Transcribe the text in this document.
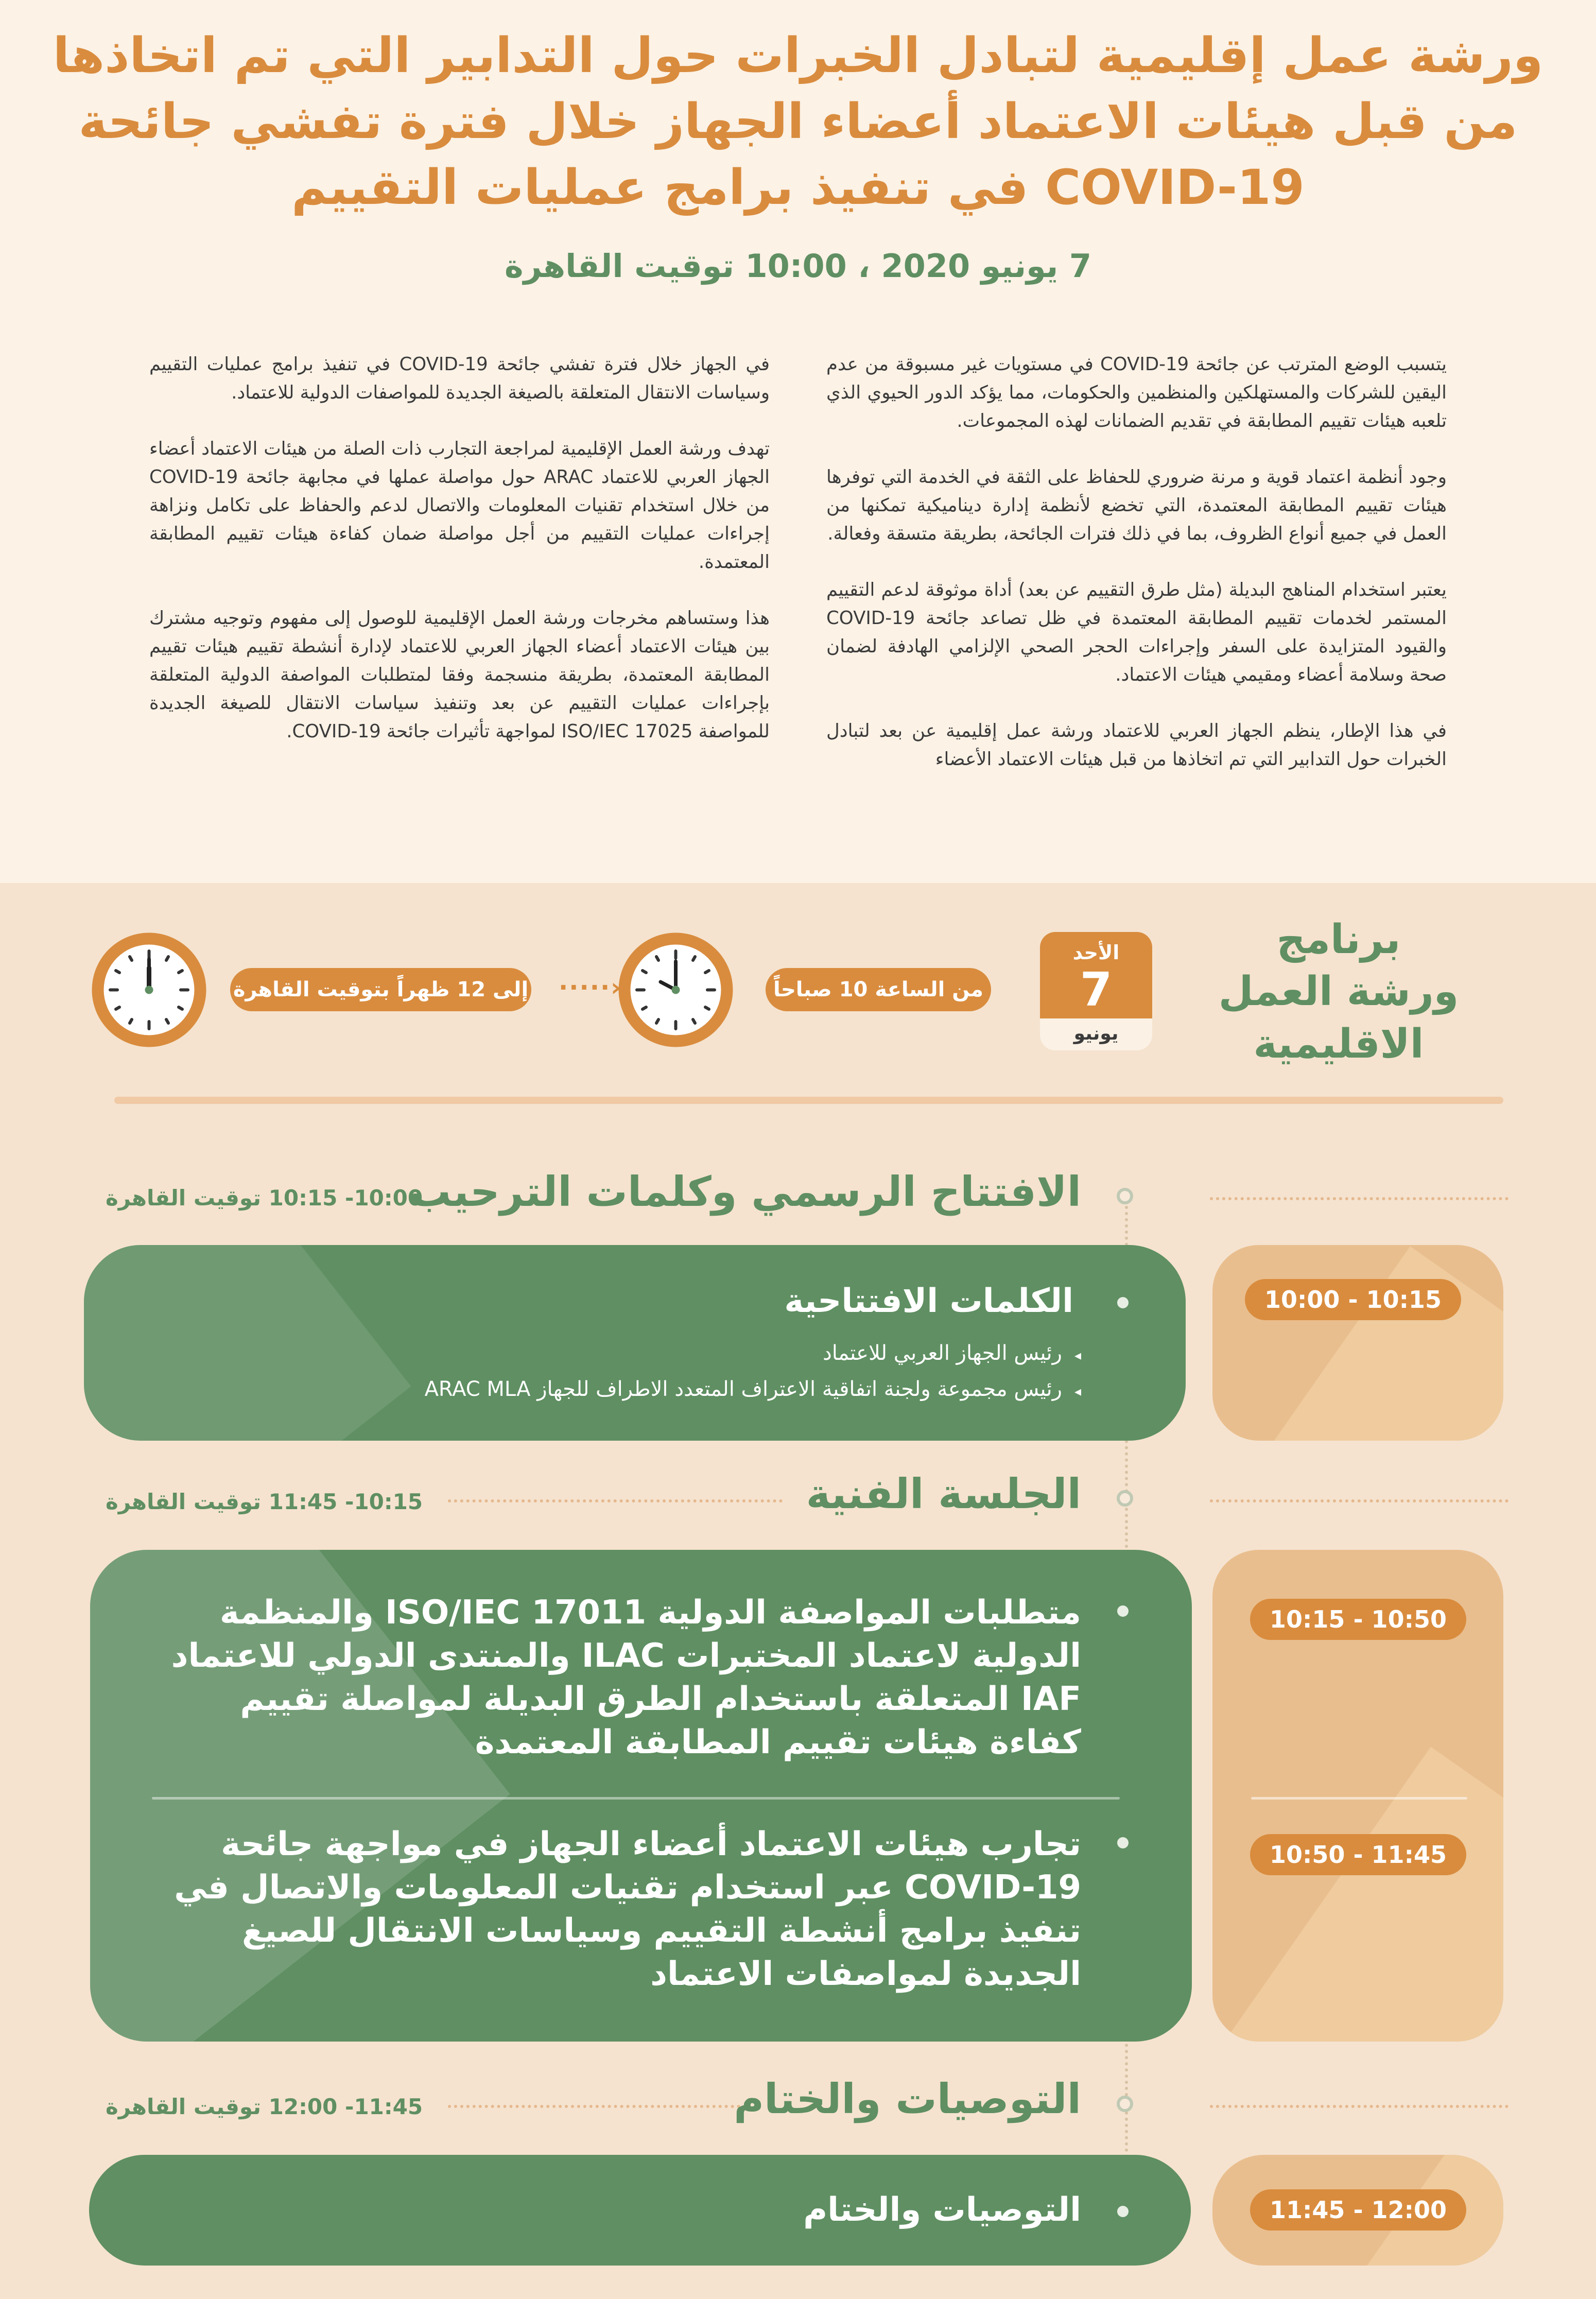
ورشة عمل إقليمية لتبادل الخبرات حول التدابير التي تم اتخاذها
من قبل هيئات الاعتماد أعضاء الجهاز خلال فترة تفشي جائحة
COVID-19 في تنفيذ برامج عمليات التقييم
7 يونيو 2020 ، 10:00 توقيت القاهرة

يتسبب الوضع المترتب عن جائحة COVID-19 في مستويات غير مسبوقة من عدم اليقين للشركات والمستهلكين والمنظمين والحكومات، مما يؤكد الدور الحيوي الذي تلعبه هيئات تقييم المطابقة في تقديم الضمانات لهذه المجموعات.

وجود أنظمة اعتماد قوية و مرنة ضروري للحفاظ على الثقة في الخدمة التي توفرها هيئات تقييم المطابقة المعتمدة، التي تخضع لأنظمة إدارة ديناميكية تمكنها من العمل في جميع أنواع الظروف، بما في ذلك فترات الجائحة، بطريقة متسقة وفعالة.

يعتبر استخدام المناهج البديلة (مثل طرق التقييم عن بعد) أداة موثوقة لدعم التقييم المستمر لخدمات تقييم المطابقة المعتمدة في ظل تصاعد جائحة COVID-19 والقيود المتزايدة على السفر وإجراءات الحجر الصحي الإلزامي الهادفة لضمان صحة وسلامة أعضاء ومقيمي هيئات الاعتماد.

في هذا الإطار، ينظم الجهاز العربي للاعتماد ورشة عمل إقليمية عن بعد لتبادل الخبرات حول التدابير التي تم اتخاذها من قبل هيئات الاعتماد الأعضاء

في الجهاز خلال فترة تفشي جائحة COVID-19 في تنفيذ برامج عمليات التقييم وسياسات الانتقال المتعلقة بالصيغة الجديدة للمواصفات الدولية للاعتماد.

تهدف ورشة العمل الإقليمية لمراجعة التجارب ذات الصلة من هيئات الاعتماد أعضاء الجهاز العربي للاعتماد ARAC حول مواصلة عملها في مجابهة جائحة COVID-19 من خلال استخدام تقنيات المعلومات والاتصال لدعم والحفاظ على تكامل ونزاهة إجراءات عمليات التقييم من أجل مواصلة ضمان كفاءة هيئات تقييم المطابقة المعتمدة.

هذا وستساهم مخرجات ورشة العمل الإقليمية للوصول إلى مفهوم وتوجيه مشترك بين هيئات الاعتماد أعضاء الجهاز العربي للاعتماد لإدارة أنشطة تقييم هيئات تقييم المطابقة المعتمدة، بطريقة منسجمة وفقا لمتطلبات المواصفة الدولية المتعلقة بإجراءات عمليات التقييم عن بعد وتنفيذ سياسات الانتقال للصيغة الجديدة للمواصفة ISO/IEC 17025 لمواجهة تأثيرات جائحة COVID-19.

برنامج ورشة العمل الاقليمية
الأحد
7
يونيو
من الساعة 10 صباحاً
‹·····
إلى 12 ظهراً بتوقيت القاهرة
الافتتاح الرسمي وكلمات الترحيب
10:00- 10:15 توقيت القاهرة
الكلمات الافتتاحية
◂رئيس الجهاز العربي للاعتماد
◂رئيس مجموعة ولجنة اتفاقية الاعتراف المتعدد الاطراف للجهاز ARAC MLA
10:00 - 10:15
الجلسة الفنية
10:15- 11:45 توقيت القاهرة
متطلبات المواصفة الدولية ISO/IEC 17011 والمنظمة
الدولية لاعتماد المختبرات ILAC والمنتدى الدولي للاعتماد
IAF المتعلقة باستخدام الطرق البديلة لمواصلة تقييم
كفاءة هيئات تقييم المطابقة المعتمدة
تجارب هيئات الاعتماد أعضاء الجهاز في مواجهة جائحة
COVID-19 عبر استخدام تقنيات المعلومات والاتصال في
تنفيذ برامج أنشطة التقييم وسياسات الانتقال للصيغ
الجديدة لمواصفات الاعتماد
10:15 - 10:50
10:50 - 11:45
التوصيات والختام
11:45- 12:00 توقيت القاهرة
التوصيات والختام	11:45 - 12:00
